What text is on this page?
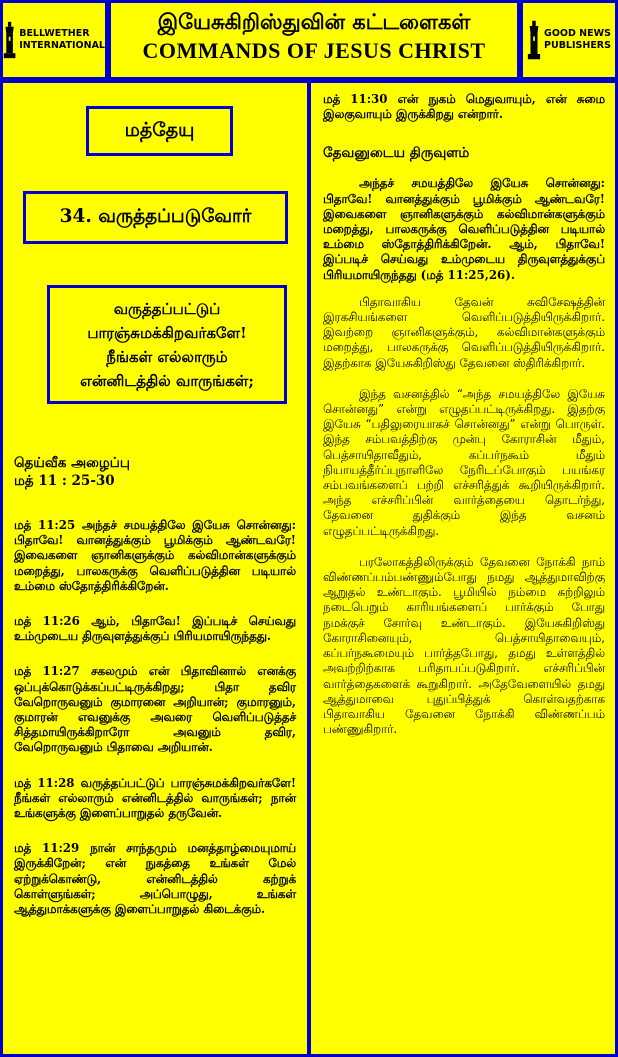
BELLWETHER
INTERNATIONAL
இயேசுகிறிஸ்துவின் கட்டளைகள்
COMMANDS OF JESUS CHRIST
GOOD NEWS
PUBLISHERS
மத்தேயு
34. வருத்தப்படுவோர்
வருத்தப்பட்டுப்
பாரஞ்சுமக்கிறவர்களே!
நீங்கள் எல்லாரும்
என்னிடத்தில் வாருங்கள்;
தெய்வீக அழைப்பு
மத் 11 : 25-30

மத் 11:25 அந்தச் சமயத்திலே இயேசு சொன்னது: பிதாவே! வானத்துக்கும் பூமிக்கும் ஆண்டவரே! இவைகளை ஞானிகளுக்கும் கல்விமான்களுக்கும் மறைத்து, பாலகருக்கு வெளிப்படுத்தின படியால் உம்மை ஸ்தோத்திரிக்கிறேன்.

மத் 11:26 ஆம், பிதாவே! இப்படிச் செய்வது உம்முடைய திருவுளத்துக்குப் பிரியமாயிருந்தது.

மத் 11:27 சகலமும் என் பிதாவினால் எனக்கு ஒப்புக்கொடுக்கப்பட்டிருக்கிறது; பிதா தவிர வேறொருவனும் குமாரனை அறியான்; குமாரனும், குமாரன் எவனுக்கு அவரை வெளிப்படுத்தச் சித்தமாயிருக்கிறாரோ அவனும் தவிர, வேறொருவனும் பிதாவை அறியான்.

மத் 11:28 வருத்தப்பட்டுப் பாரஞ்சுமக்கிறவர்களே! நீங்கள் எல்லாரும் என்னிடத்தில் வாருங்கள்; நான் உங்களுக்கு இளைப்பாறுதல் தருவேன்.

மத் 11:29 நான் சாந்தமும் மனத்தாழ்மையுமாய் இருக்கிறேன்; என் நுகத்தை உங்கள் மேல் ஏற்றுக்கொண்டு, என்னிடத்தில் கற்றுக் கொள்ளுங்கள்; அப்பொழுது, உங்கள் ஆத்துமாக்களுக்கு இளைப்பாறுதல் கிடைக்கும்.

மத் 11:30 என் நுகம் மெதுவாயும், என் சுமை இலகுவாயும் இருக்கிறது என்றார்.

தேவனுடைய திருவுளம்

அந்தச் சமயத்திலே இயேசு சொன்னது: பிதாவே! வானத்துக்கும் பூமிக்கும் ஆண்டவரே! இவைகளை ஞானிகளுக்கும் கல்விமான்களுக்கும் மறைத்து, பாலகருக்கு வெளிப்படுத்தின படியால் உம்மை ஸ்தோத்திரிக்கிறேன். ஆம், பிதாவே! இப்படிச் செய்வது உம்முடைய திருவுளத்துக்குப் பிரியமாயிருந்தது (மத் 11:25,26).

பிதாவாகிய தேவன் சுவிசேஷத்தின் இரகசியங்களை வெளிப்படுத்தியிருக்கிறார். இவற்றை ஞானிகளுக்கும், கல்விமான்களுக்கும் மறைத்து, பாலகருக்கு வெளிப்படுத்தியிருக்கிறார். இதற்காக இயேசுகிறிஸ்து தேவனை ஸ்திரிக்கிறார்.

இந்த வசனத்தில் “அந்த சமயத்திலே இயேசு சொன்னது” என்று எழுதப்பட்டிருக்கிறது. இதற்கு இயேசு “பதிலுரையாகச் சொன்னது” என்று பொருள். இந்த சம்பவத்திற்கு முன்பு கோராசின் மீதும், பெத்சாயிதாவீதும், கப்பர்நகூம் மீதும் நியாயத்தீர்ப்புநாளிலே நேரிடப்போகும் பயங்கர சம்பவங்களைப் பற்றி எச்சரித்துக் கூறியிருக்கிறார். அந்த எச்சரிப்பின் வார்த்தையை தொடர்ந்து, தேவனை துதிக்கும் இந்த வசனம் எழுதப்பட்டிருக்கிறது.

பரலோகத்திலிருக்கும் தேவனை நோக்கி நாம் விண்ணப்பம்பண்ணும்போது நமது ஆத்துமாவிற்கு ஆறுதல் உண்டாகும். பூமியில் நம்மை சுற்றிலும் நடைபெறும் காரியங்களைப் பார்க்கும் போது நமக்குச் சோர்வு உண்டாகும். இயேசுகிறிஸ்து கோராசினையும், பெத்சாயிதாவையும், கப்பர்நகூமையும் பார்த்தபோது, தமது உள்ளத்தில் அவற்றிற்காக பரிதாபப்படுகிறார். எச்சரிப்பின் வார்த்தைகளைக் கூறுகிறார். அதேவேளையில் தமது ஆத்துமாவை புதுப்பித்துக் கொள்வதற்காக பிதாவாகிய தேவனை நோக்கி விண்ணப்பம் பண்ணுகிறார்.
